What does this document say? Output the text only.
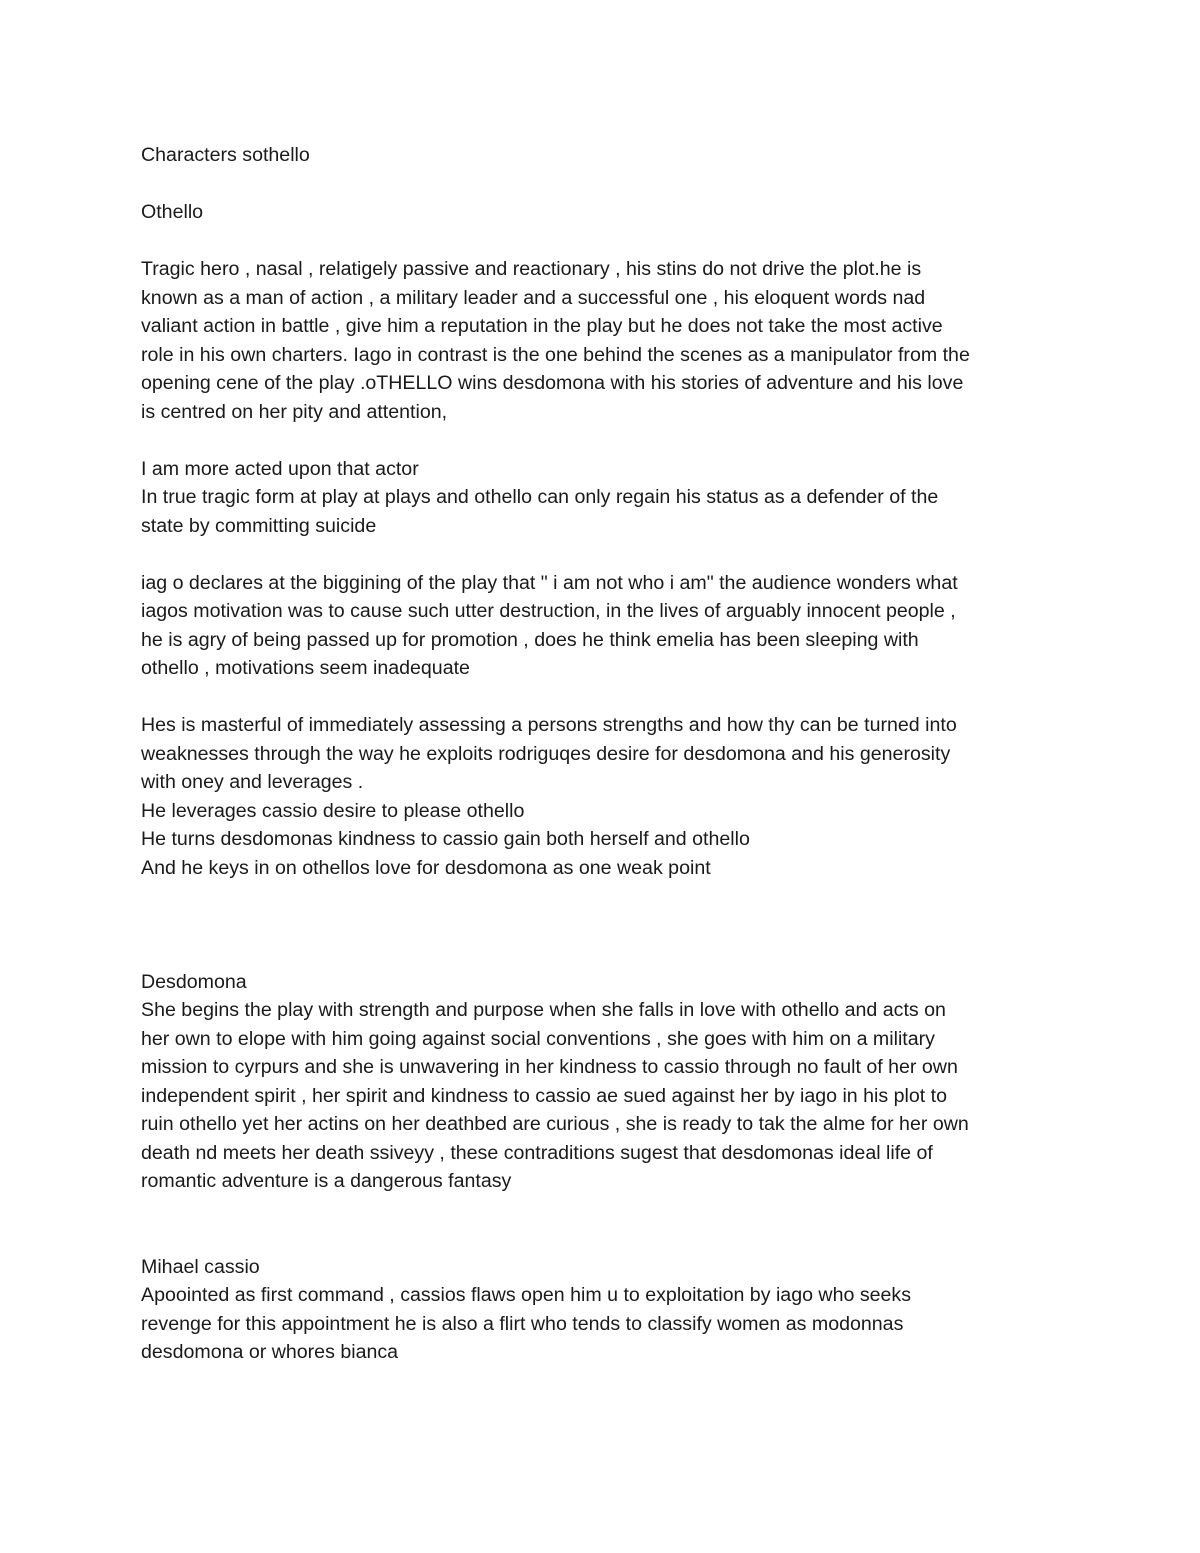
Characters sothello
Othello
Tragic hero , nasal , relatigely passive and reactionary , his stins do not drive the plot.he is
known as a man of action , a military leader and a successful one , his eloquent words nad
valiant action in battle , give him a reputation in the play but he does not take the most active
role in his own charters. Iago in contrast is the one behind the scenes as a manipulator from the
opening cene of the play .oTHELLO wins desdomona with his stories of adventure and his love
is centred on her pity and attention,
I am more acted upon that actor
In true tragic form at play at plays and othello can only regain his status as a defender of the
state by committing suicide
iag o declares at the biggining of the play that " i am not who i am" the audience wonders what
iagos motivation was to cause such utter destruction, in the lives of arguably innocent people ,
he is agry of being passed up for promotion , does he think emelia has been sleeping with
othello , motivations seem inadequate
Hes is masterful of immediately assessing a persons strengths and how thy can be turned into
weaknesses through the way he exploits rodriguqes desire for desdomona and his generosity
with oney and leverages .
He leverages cassio desire to please othello
He turns desdomonas kindness to cassio gain both herself and othello
And he keys in on othellos love for desdomona as one weak point
Desdomona
She begins the play with strength and purpose when she falls in love with othello and acts on
her own to elope with him going against social conventions , she goes with him on a military
mission to cyrpurs and she is unwavering in her kindness to cassio through no fault of her own
independent spirit , her spirit and kindness to cassio ae sued against her by iago in his plot to
ruin othello yet her actins on her deathbed are curious , she is ready to tak the alme for her own
death nd meets her death ssiveyy , these contraditions sugest that desdomonas ideal life of
romantic adventure is a dangerous fantasy
Mihael cassio
Apoointed as first command , cassios flaws open him u to exploitation by iago who seeks
revenge for this appointment he is also a flirt who tends to classify women as modonnas
desdomona or whores bianca
